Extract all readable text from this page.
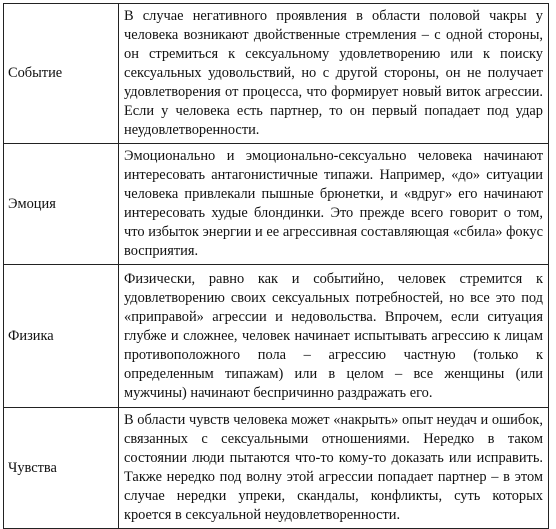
Событие	В случае негативного проявления в области половой чакры у человека возникают двойственные стремления – с одной стороны, он стремиться к сексуальному удовлетворению или к поиску сексуальных удовольствий, но с другой стороны, он не получает удовлетворения от процесса, что формирует новый виток агрессии. Если у человека есть партнер, то он первый попадает под удар неудовлетворенности.
Эмоция	Эмоционально и эмоционально-сексуально человека начинают интересовать антагонистичные типажи. Например, «до» ситуации человека привлекали пышные брюнетки, и «вдруг» его начинают интересовать худые блондинки. Это прежде всего говорит о том, что избыток энергии и ее агрессивная составляющая «сбила» фокус восприятия.
Физика	Физически, равно как и событийно, человек стремится к удовлетворению своих сексуальных потребностей, но все это под «приправой» агрессии и недовольства. Впрочем, если ситуация глубже и сложнее, человек начинает испытывать агрессию к лицам противоположного пола – агрессию частную (только к определенным типажам) или в целом – все женщины (или мужчины) начинают беспричинно раздражать его.
Чувства	В области чувств человека может «накрыть» опыт неудач и ошибок, связанных с сексуальными отношениями. Нередко в таком состоянии люди пытаются что-то кому-то доказать или исправить. Также нередко под волну этой агрессии попадает партнер – в этом случае нередки упреки, скандалы, конфликты, суть которых кроется в сексуальной неудовлетворенности.
